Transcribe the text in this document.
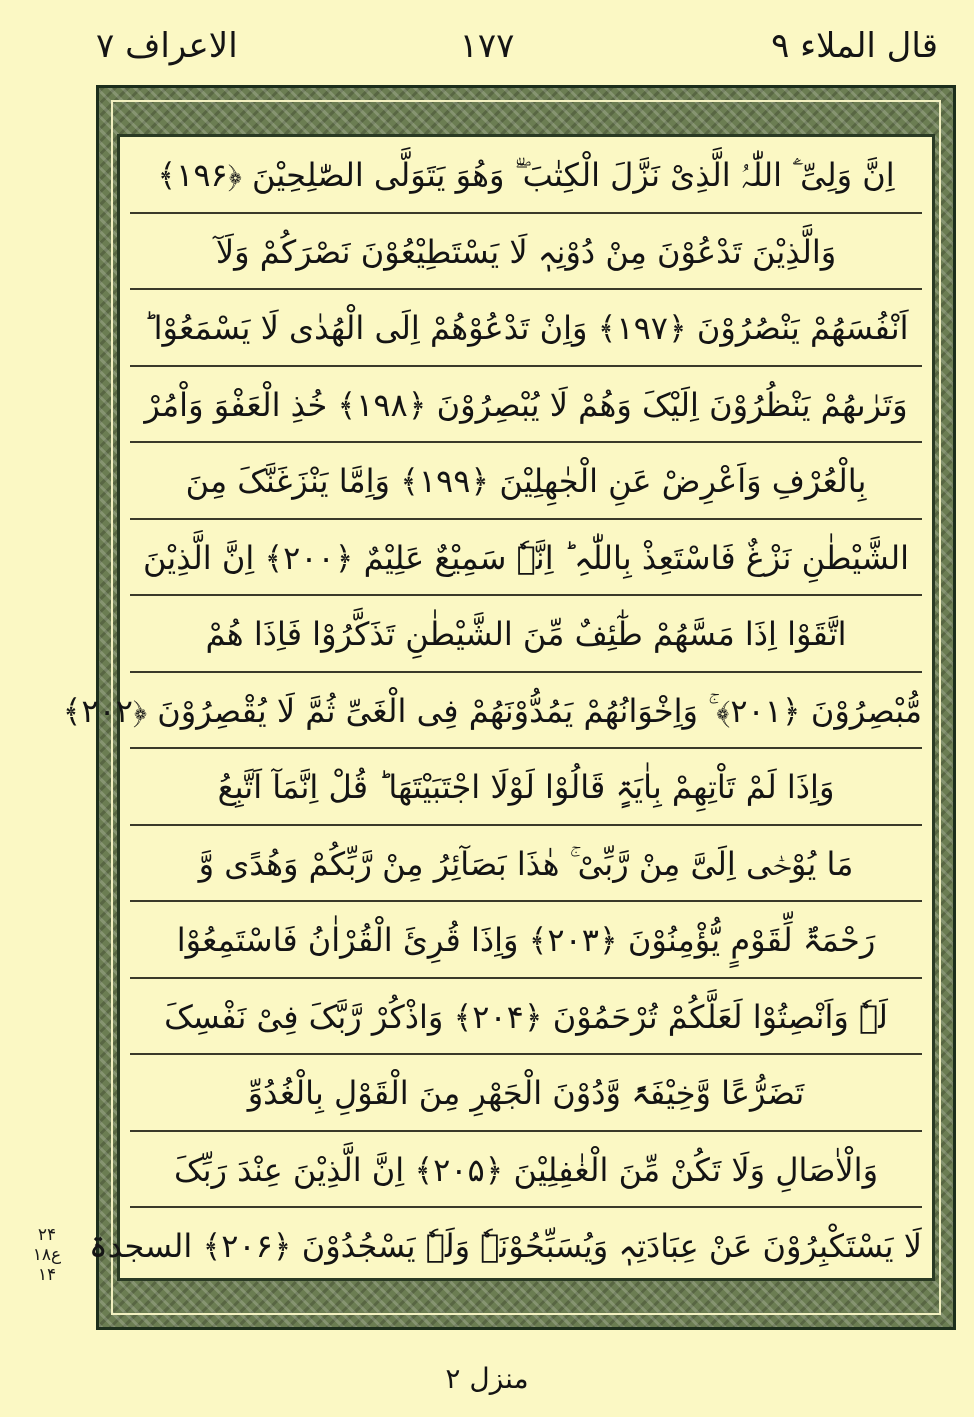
قال الملاء ٩
١٧٧
الاعراف ٧
اِنَّ وَلِیِّ َۧ اللّٰہُ الَّذِیْ نَزَّلَ الْکِتٰبَ ۖ٘ وَھُوَ یَتَوَلَّی الصّٰلِحِیْنَ ﴿۱۹۶﴾
وَالَّذِیْنَ تَدْعُوْنَ مِنْ دُوْنِہٖ لَا یَسْتَطِیْعُوْنَ نَصْرَکُمْ وَلَآ
اَنْفُسَھُمْ یَنْصُرُوْنَ ﴿۱۹۷﴾ وَاِنْ تَدْعُوْھُمْ اِلَی الْھُدٰی لَا یَسْمَعُوْا ؕ
وَتَرٰىھُمْ یَنْظُرُوْنَ اِلَیْکَ وَھُمْ لَا یُبْصِرُوْنَ ﴿۱۹۸﴾ خُذِ الْعَفْوَ وَاْمُرْ
بِالْعُرْفِ وَاَعْرِضْ عَنِ الْجٰھِلِیْنَ ﴿۱۹۹﴾ وَاِمَّا یَنْزَغَنَّکَ مِنَ
الشَّیْطٰنِ نَزْغٌ فَاسْتَعِذْ بِاللّٰہِ ؕ اِنَّہٗ سَمِیْعٌ عَلِیْمٌ ﴿۲۰۰﴾ اِنَّ الَّذِیْنَ
اتَّقَوْا اِذَا مَسَّھُمْ طٰٓئِفٌ مِّنَ الشَّیْطٰنِ تَذَکَّرُوْا فَاِذَا ھُمْ
مُّبْصِرُوْنَ ﴿۲۰۱﴾ ۚ وَاِخْوَانُھُمْ یَمُدُّوْنَھُمْ فِی الْغَیِّ ثُمَّ لَا یُقْصِرُوْنَ ﴿۲۰۲﴾
وَاِذَا لَمْ تَاْتِھِمْ بِاٰیَۃٍ قَالُوْا لَوْلَا اجْتَبَیْتَھَا ؕ قُلْ اِنَّمَآ اَتَّبِعُ
مَا یُوْحٰۤی اِلَیَّ مِنْ رَّبِّیْ ۚ ھٰذَا بَصَآئِرُ مِنْ رَّبِّکُمْ وَھُدًی وَّ
رَحْمَۃٌ لِّقَوْمٍ یُّؤْمِنُوْنَ ﴿۲۰۳﴾ وَاِذَا قُرِئَ الْقُرْاٰنُ فَاسْتَمِعُوْا
لَہٗ وَاَنْصِتُوْا لَعَلَّکُمْ تُرْحَمُوْنَ ﴿۲۰۴﴾ وَاذْکُرْ رَّبَّکَ فِیْ نَفْسِکَ
تَضَرُّعًا وَّخِیْفَۃً وَّدُوْنَ الْجَھْرِ مِنَ الْقَوْلِ بِالْغُدُوِّ
وَالْاٰصَالِ وَلَا تَکُنْ مِّنَ الْغٰفِلِیْنَ ﴿۲۰۵﴾ اِنَّ الَّذِیْنَ عِنْدَ رَبِّکَ
لَا یَسْتَکْبِرُوْنَ عَنْ عِبَادَتِہٖ وَیُسَبِّحُوْنَہٗ وَلَہٗ یَسْجُدُوْنَ ﴿۲۰۶﴾ السجدۃ
۲۴
۱۸ع
۱۴
منزل ٢
